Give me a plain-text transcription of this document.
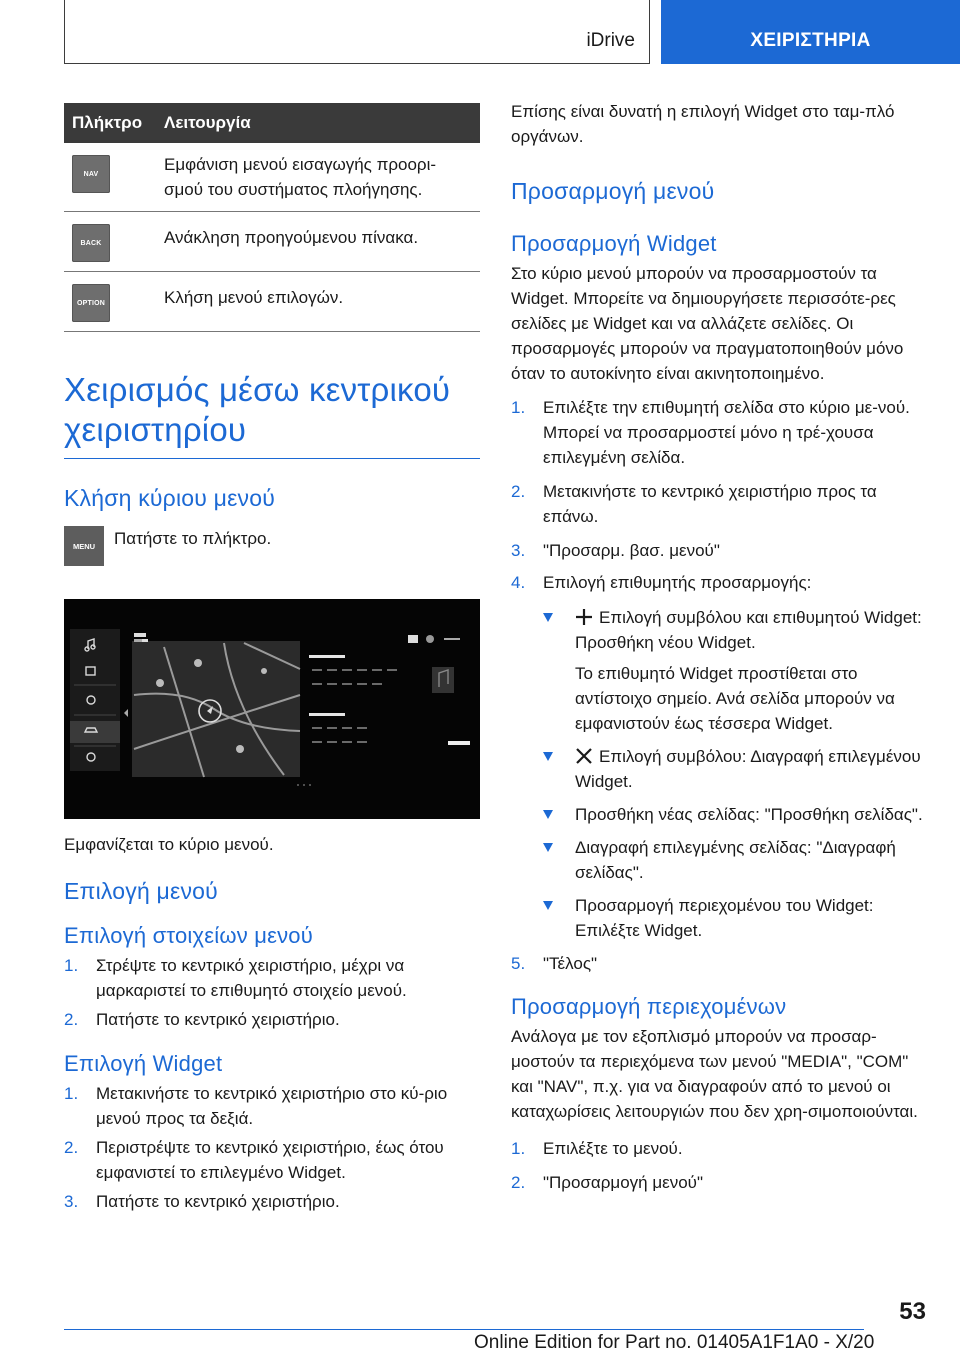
iDrive	ΧΕΙΡΙΣΤΗΡΙΑ
Πλήκτρο	Λειτουργία

NAV	Εμφάνιση μενού εισαγωγής προορι-σμού του συστήματος πλοήγησης.

BACK	Ανάκληση προηγούμενου πίνακα.

OPTION	Κλήση μενού επιλογών.
Χειρισμός μέσω κεντρικού χειριστηρίου
Κλήση κύριου μενού
MENU	Πατήστε το πλήκτρο.

Εμφανίζεται το κύριο μενού.

Επιλογή μενού
Επιλογή στοιχείων μενού
1. Στρέψτε το κεντρικό χειριστήριο, μέχρι να μαρκαριστεί το επιθυμητό στοιχείο μενού.
2. Πατήστε το κεντρικό χειριστήριο.
Επιλογή Widget
1. Μετακινήστε το κεντρικό χειριστήριο στο κύ-ριο μενού προς τα δεξιά.
2. Περιστρέψτε το κεντρικό χειριστήριο, έως ότου εμφανιστεί το επιλεγμένο Widget.
3. Πατήστε το κεντρικό χειριστήριο.

Επίσης είναι δυνατή η επιλογή Widget στο ταμ-πλό οργάνων.

Προσαρμογή μενού
Προσαρμογή Widget

Στο κύριο μενού μπορούν να προσαρμοστούν τα Widget. Μπορείτε να δημιουργήσετε περισσότε-ρες σελίδες με Widget και να αλλάζετε σελίδες. Οι προσαρμογές μπορούν να πραγματοποιηθούν μόνο όταν το αυτοκίνητο είναι ακινητοποιημένο.

1. Επιλέξτε την επιθυμητή σελίδα στο κύριο με-νού. Μπορεί να προσαρμοστεί μόνο η τρέ-χουσα επιλεγμένη σελίδα.
2. Μετακινήστε το κεντρικό χειριστήριο προς τα επάνω.
3. "Προσαρμ. βασ. μενού"
4. Επιλογή επιθυμητής προσαρμογής:
Επιλογή συμβόλου και επιθυμητού Widget: Προσθήκη νέου Widget.
Το επιθυμητό Widget προστίθεται στο αντίστοιχο σημείο. Ανά σελίδα μπορούν να εμφανιστούν έως τέσσερα Widget.
Επιλογή συμβόλου: Διαγραφή επιλεγμένου Widget.
Προσθήκη νέας σελίδας: "Προσθήκη σελίδας".
Διαγραφή επιλεγμένης σελίδας: "Διαγραφή σελίδας".
Προσαρμογή περιεχομένου του Widget: Επιλέξτε Widget.
5. "Τέλος"
Προσαρμογή περιεχομένων

Ανάλογα με τον εξοπλισμό μπορούν να προσαρ-μοστούν τα περιεχόμενα των μενού "MEDIA", "COM" και "NAV", π.χ. για να διαγραφούν από το μενού οι καταχωρίσεις λειτουργιών που δεν χρη-σιμοποιούνται.

1. Επιλέξτε το μενού.
2. "Προσαρμογή μενού"
53
Online Edition for Part no. 01405A1F1A0 - X/20
